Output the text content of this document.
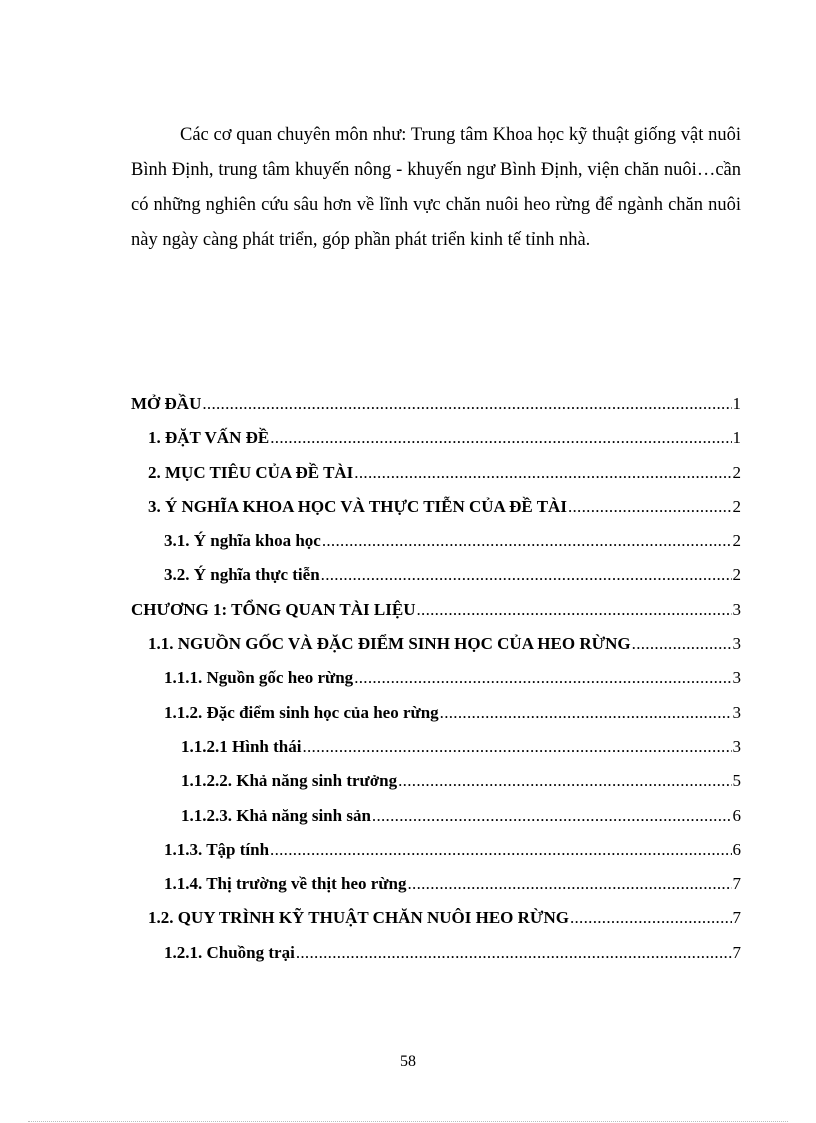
Các cơ quan chuyên môn như: Trung tâm Khoa học kỹ thuật giống vật nuôi Bình Định, trung tâm khuyến nông - khuyến ngư Bình Định, viện chăn nuôi…cần có những nghiên cứu sâu hơn về lĩnh vực chăn nuôi heo rừng để ngành chăn nuôi này ngày càng phát triển, góp phần phát triển kinh tế tỉnh nhà.

MỞ ĐẦU .....	1
1. ĐẶT VẤN ĐỀ .....	1
2. MỤC TIÊU CỦA ĐỀ TÀI .....	2
3. Ý NGHĨA KHOA HỌC VÀ THỰC TIỄN CỦA ĐỀ TÀI .....	2
3.1. Ý nghĩa khoa học .....	2
3.2. Ý nghĩa thực tiễn .....	2
CHƯƠNG 1: TỔNG QUAN TÀI LIỆU .....	3
1.1. NGUỒN GỐC VÀ ĐẶC ĐIỂM SINH HỌC CỦA HEO RỪNG .....	3
1.1.1. Nguồn gốc heo rừng .....	3
1.1.2. Đặc điểm sinh học của heo rừng .....	3
1.1.2.1 Hình thái .....	3
1.1.2.2. Khả năng sinh trưởng .....	5
1.1.2.3. Khả năng sinh sản .....	6
1.1.3. Tập tính .....	6
1.1.4. Thị trường về thịt heo rừng .....	7
1.2. QUY TRÌNH KỸ THUẬT CHĂN NUÔI HEO RỪNG .....	7
1.2.1. Chuồng trại .....	7
58
